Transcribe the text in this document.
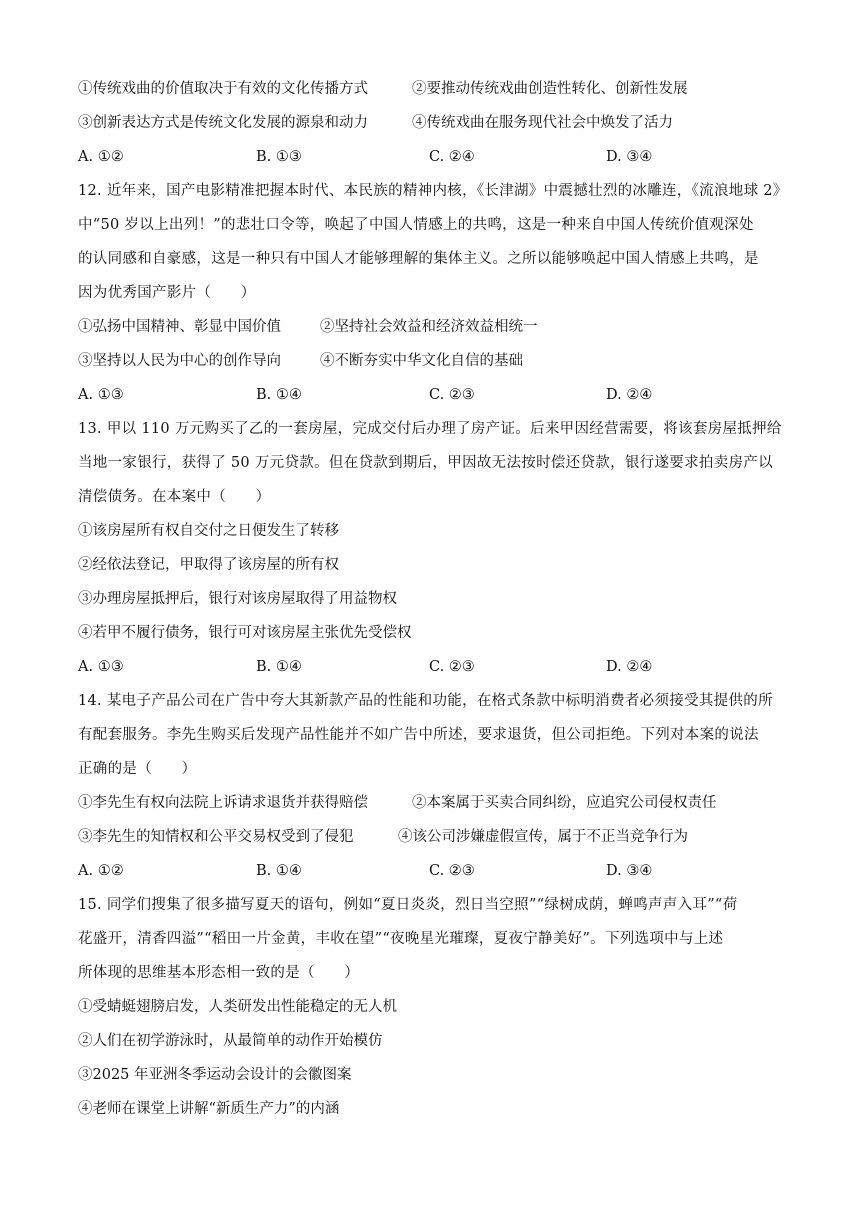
①传统戏曲的价值取决于有效的文化传播方式	②要推动传统戏曲创造性转化、创新性发展
③创新表达方式是传统文化发展的源泉和动力	④传统戏曲在服务现代社会中焕发了活力
A. ①②	B. ①③	C. ②④	D. ③④
12. 近年来，国产电影精准把握本时代、本民族的精神内核，《长津湖》中震撼壮烈的冰雕连，《流浪地球 2》
中“50 岁以上出列！”的悲壮口令等，唤起了中国人情感上的共鸣，这是一种来自中国人传统价值观深处
的认同感和自豪感，这是一种只有中国人才能够理解的集体主义。之所以能够唤起中国人情感上共鸣，是
因为优秀国产影片（　　）
①弘扬中国精神、彰显中国价值	②坚持社会效益和经济效益相统一
③坚持以人民为中心的创作导向	④不断夯实中华文化自信的基础
A. ①③	B. ①④	C. ②③	D. ②④
13. 甲以 110 万元购买了乙的一套房屋，完成交付后办理了房产证。后来甲因经营需要，将该套房屋抵押给
当地一家银行，获得了 50 万元贷款。但在贷款到期后，甲因故无法按时偿还贷款，银行遂要求拍卖房产以
清偿债务。在本案中（　　）
①该房屋所有权自交付之日便发生了转移
②经依法登记，甲取得了该房屋的所有权
③办理房屋抵押后，银行对该房屋取得了用益物权
④若甲不履行债务，银行可对该房屋主张优先受偿权
A. ①③	B. ①④	C. ②③	D. ②④
14. 某电子产品公司在广告中夸大其新款产品的性能和功能，在格式条款中标明消费者必须接受其提供的所
有配套服务。李先生购买后发现产品性能并不如广告中所述，要求退货，但公司拒绝。下列对本案的说法
正确的是（　　）
①李先生有权向法院上诉请求退货并获得赔偿	②本案属于买卖合同纠纷，应追究公司侵权责任
③李先生的知情权和公平交易权受到了侵犯	④该公司涉嫌虚假宣传，属于不正当竞争行为
A. ①②	B. ①④	C. ②③	D. ③④
15. 同学们搜集了很多描写夏天的语句，例如“夏日炎炎，烈日当空照”“绿树成荫，蝉鸣声声入耳”“荷
花盛开，清香四溢”“稻田一片金黄，丰收在望”“夜晚星光璀璨，夏夜宁静美好”。下列选项中与上述
所体现的思维基本形态相一致的是（　　）
①受蜻蜓翅膀启发，人类研发出性能稳定的无人机
②人们在初学游泳时，从最简单的动作开始模仿
③2025 年亚洲冬季运动会设计的会徽图案
④老师在课堂上讲解“新质生产力”的内涵
